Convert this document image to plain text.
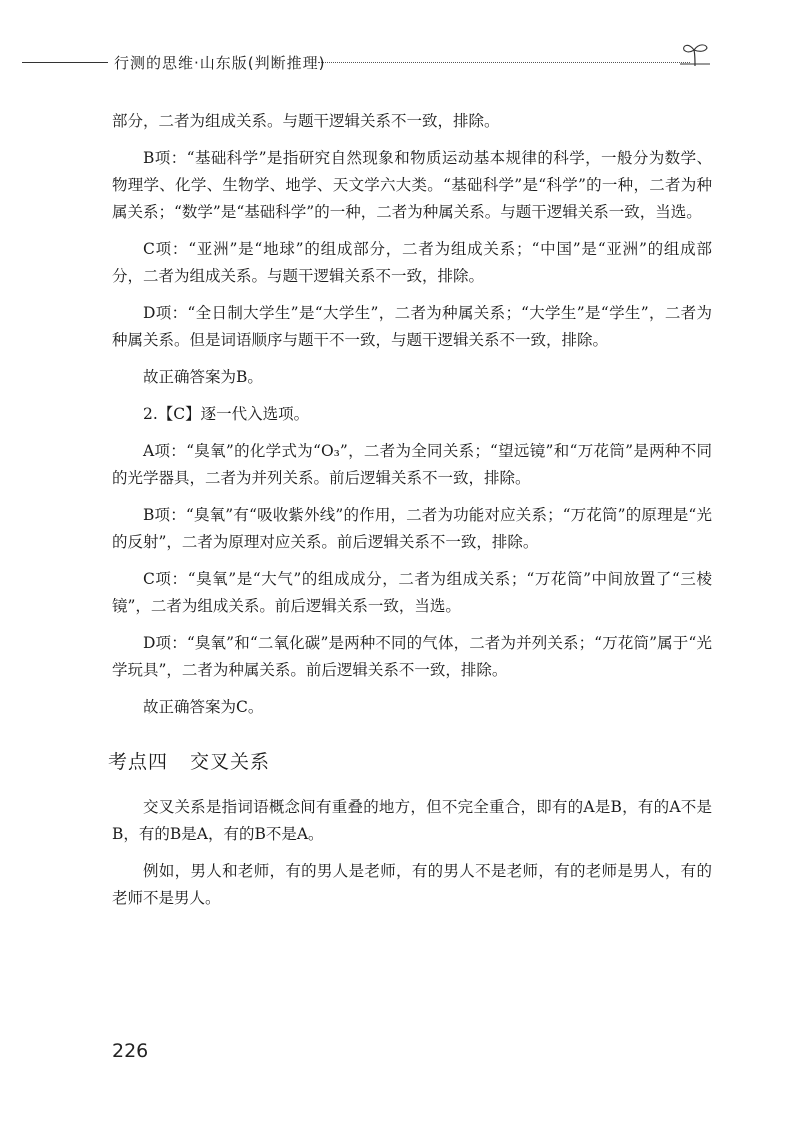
行测的思维·山东版(判断推理)

部分，二者为组成关系。与题干逻辑关系不一致，排除。

B项：“基础科学”是指研究自然现象和物质运动基本规律的科学，一般分为数学、物理学、化学、生物学、地学、天文学六大类。“基础科学”是“科学”的一种，二者为种属关系；“数学”是“基础科学”的一种，二者为种属关系。与题干逻辑关系一致，当选。

C项：“亚洲”是“地球”的组成部分，二者为组成关系；“中国”是“亚洲”的组成部分，二者为组成关系。与题干逻辑关系不一致，排除。

D项：“全日制大学生”是“大学生”，二者为种属关系；“大学生”是“学生”，二者为种属关系。但是词语顺序与题干不一致，与题干逻辑关系不一致，排除。

故正确答案为B。

2.【C】逐一代入选项。

A项：“臭氧”的化学式为“O₃”，二者为全同关系；“望远镜”和“万花筒”是两种不同的光学器具，二者为并列关系。前后逻辑关系不一致，排除。

B项：“臭氧”有“吸收紫外线”的作用，二者为功能对应关系；“万花筒”的原理是“光的反射”，二者为原理对应关系。前后逻辑关系不一致，排除。

C项：“臭氧”是“大气”的组成成分，二者为组成关系；“万花筒”中间放置了“三棱镜”，二者为组成关系。前后逻辑关系一致，当选。

D项：“臭氧”和“二氧化碳”是两种不同的气体，二者为并列关系；“万花筒”属于“光学玩具”，二者为种属关系。前后逻辑关系不一致，排除。

故正确答案为C。

考点四 交叉关系

交叉关系是指词语概念间有重叠的地方，但不完全重合，即有的A是B，有的A不是B，有的B是A，有的B不是A。

例如，男人和老师，有的男人是老师，有的男人不是老师，有的老师是男人，有的老师不是男人。

226
